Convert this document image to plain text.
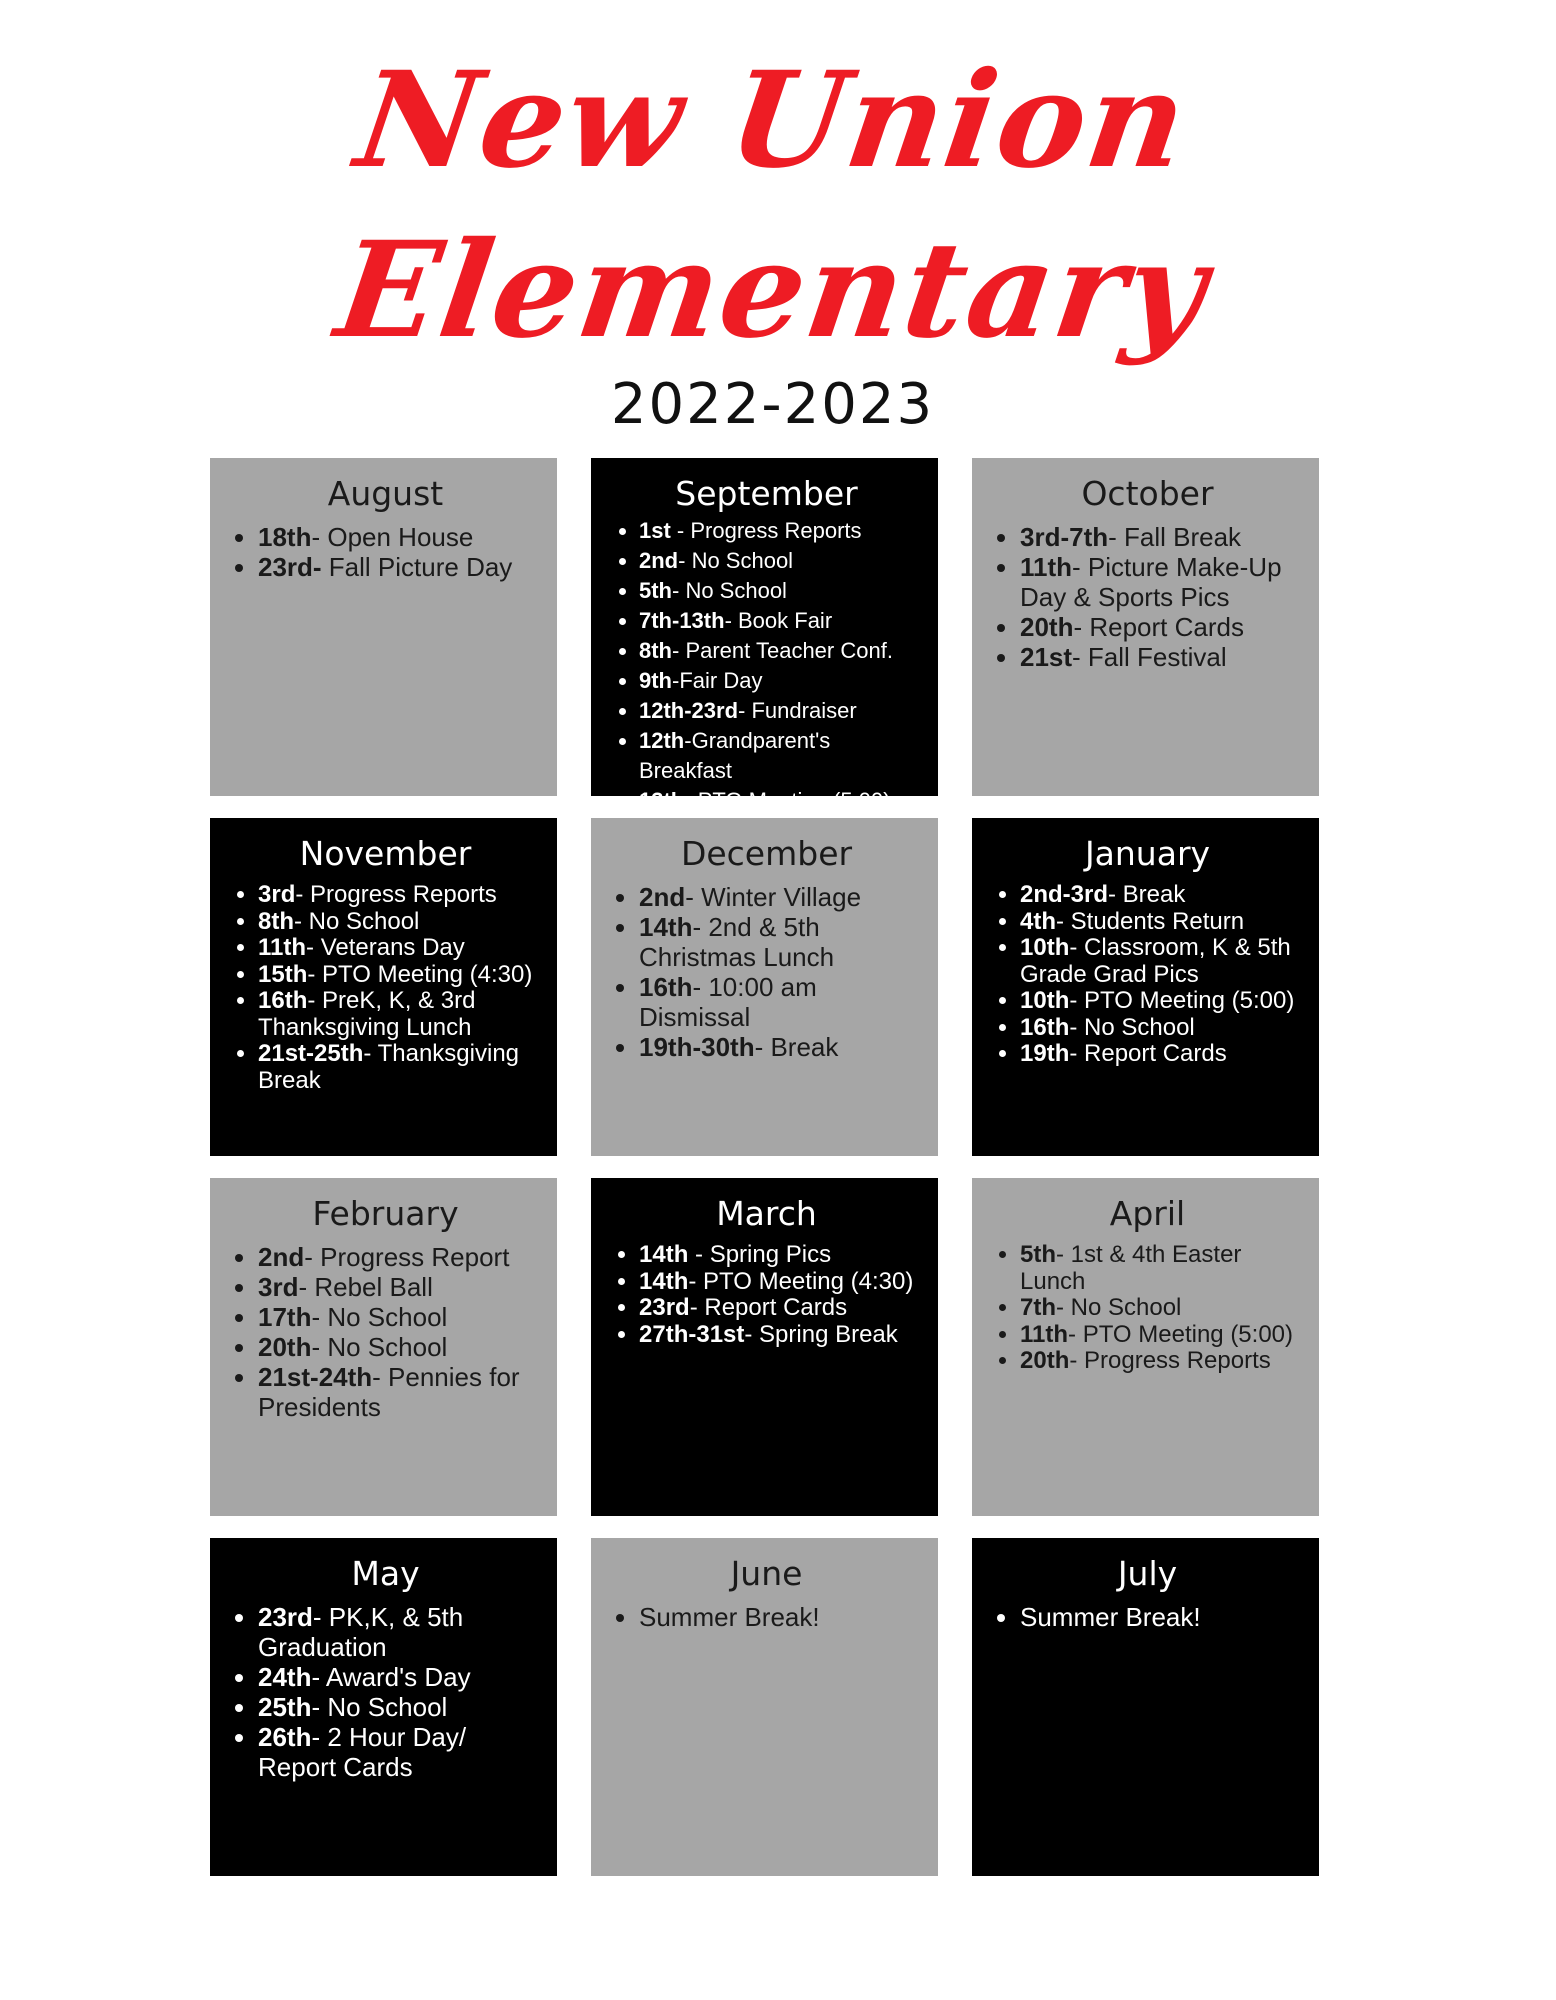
New Union
Elementary
2022-2023
August
• 18th- Open House
• 23rd- Fall Picture Day
September
• 1st - Progress Reports
• 2nd- No School
• 5th- No School
• 7th-13th- Book Fair
• 8th- Parent Teacher Conf.
• 9th-Fair Day
• 12th-23rd- Fundraiser
• 12th-Grandparent's Breakfast
• 13th- PTO Meeting (5:00)
October
• 3rd-7th- Fall Break
• 11th- Picture Make-Up Day & Sports Pics
• 20th- Report Cards
• 21st- Fall Festival
November
• 3rd- Progress Reports
• 8th- No School
• 11th- Veterans Day
• 15th- PTO Meeting (4:30)
• 16th- PreK, K, & 3rd Thanksgiving Lunch
• 21st-25th- Thanksgiving Break
December
• 2nd- Winter Village
• 14th- 2nd & 5th Christmas Lunch
• 16th- 10:00 am Dismissal
• 19th-30th- Break
January
• 2nd-3rd- Break
• 4th- Students Return
• 10th- Classroom, K & 5th Grade Grad Pics
• 10th- PTO Meeting (5:00)
• 16th- No School
• 19th- Report Cards
February
• 2nd- Progress Report
• 3rd- Rebel Ball
• 17th- No School
• 20th- No School
• 21st-24th- Pennies for Presidents
March
• 14th - Spring Pics
• 14th- PTO Meeting (4:30)
• 23rd- Report Cards
• 27th-31st- Spring Break
April
• 5th- 1st & 4th Easter Lunch
• 7th- No School
• 11th- PTO Meeting (5:00)
• 20th- Progress Reports
May
• 23rd- PK,K, & 5th Graduation
• 24th- Award's Day
• 25th- No School
• 26th- 2 Hour Day/ Report Cards
June
• Summer Break!
July
• Summer Break!
